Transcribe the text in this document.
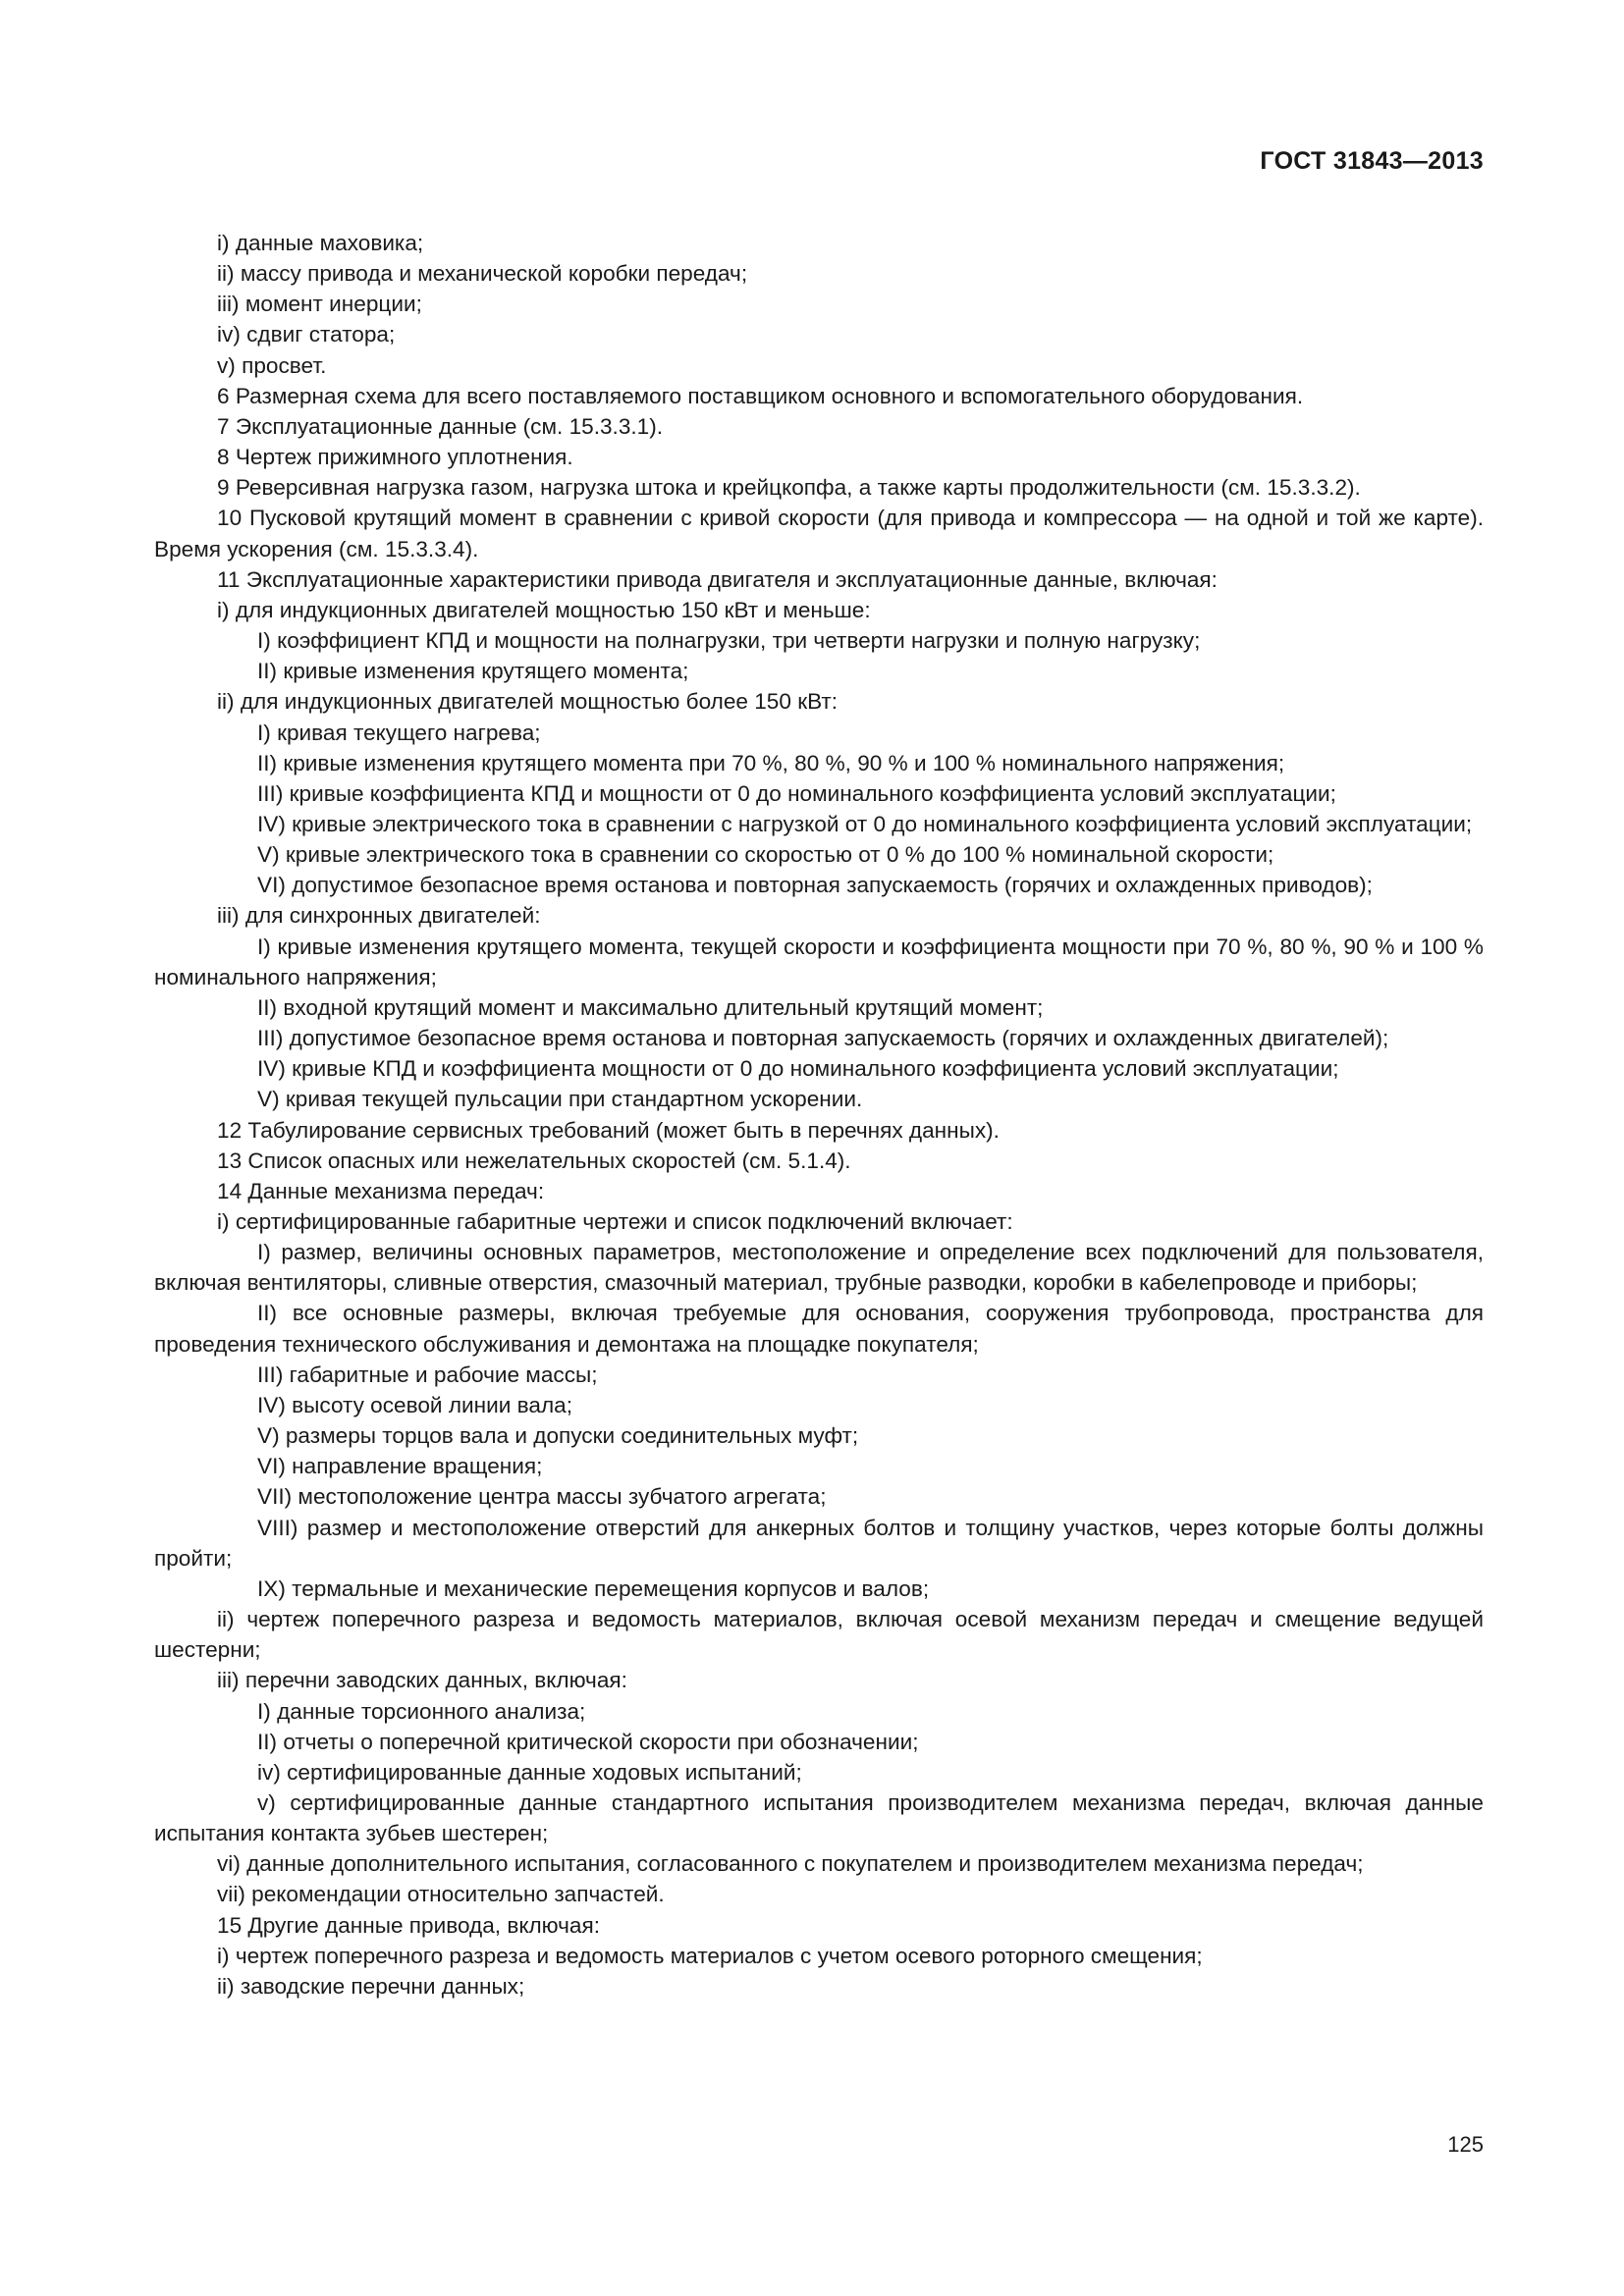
ГОСТ 31843—2013

i) данные маховика;

ii) массу привода и механической коробки передач;

iii) момент инерции;

iv) сдвиг статора;

v) просвет.

6 Размерная схема для всего поставляемого поставщиком основного и вспомогательного оборудования.

7 Эксплуатационные данные (см. 15.3.3.1).

8 Чертеж прижимного уплотнения.

9 Реверсивная нагрузка газом, нагрузка штока и крейцкопфа, а также карты продолжительности (см. 15.3.3.2).

10 Пусковой крутящий момент в сравнении с кривой скорости (для привода и компрессора — на одной и той же карте). Время ускорения (см. 15.3.3.4).

11 Эксплуатационные характеристики привода двигателя и эксплуатационные данные, включая:

i) для индукционных двигателей мощностью 150 кВт и меньше:

I) коэффициент КПД и мощности на полнагрузки, три четверти нагрузки и полную нагрузку;

II) кривые изменения крутящего момента;

ii) для индукционных двигателей мощностью более 150 кВт:

I) кривая текущего нагрева;

II) кривые изменения крутящего момента при 70 %, 80 %, 90 % и 100 % номинального напряжения;

III) кривые коэффициента КПД и мощности от 0 до номинального коэффициента условий эксплуатации;

IV) кривые электрического тока в сравнении с нагрузкой от 0 до номинального коэффициента условий эксплуатации;

V) кривые электрического тока в сравнении со скоростью от 0 % до 100 % номинальной скорости;

VI) допустимое безопасное время останова и повторная запускаемость (горячих и охлажденных приводов);

iii) для синхронных двигателей:

I) кривые изменения крутящего момента, текущей скорости и коэффициента мощности при 70 %, 80 %, 90 % и 100 % номинального напряжения;

II) входной крутящий момент и максимально длительный крутящий момент;

III) допустимое безопасное время останова и повторная запускаемость (горячих и охлажденных двигателей);

IV) кривые КПД и коэффициента мощности от 0 до номинального коэффициента условий эксплуатации;

V) кривая текущей пульсации при стандартном ускорении.

12 Табулирование сервисных требований (может быть в перечнях данных).

13 Список опасных или нежелательных скоростей (см. 5.1.4).

14 Данные механизма передач:

i) сертифицированные габаритные чертежи и список подключений включает:

I) размер, величины основных параметров, местоположение и определение всех подключений для пользователя, включая вентиляторы, сливные отверстия, смазочный материал, трубные разводки, коробки в кабелепроводе и приборы;

II) все основные размеры, включая требуемые для основания, сооружения трубопровода, пространства для проведения технического обслуживания и демонтажа на площадке покупателя;

III) габаритные и рабочие массы;

IV) высоту осевой линии вала;

V) размеры торцов вала и допуски соединительных муфт;

VI) направление вращения;

VII) местоположение центра массы зубчатого агрегата;

VIII) размер и местоположение отверстий для анкерных болтов и толщину участков, через которые болты должны пройти;

IX) термальные и механические перемещения корпусов и валов;

ii) чертеж поперечного разреза и ведомость материалов, включая осевой механизм передач и смещение ведущей шестерни;

iii) перечни заводских данных, включая:

I) данные торсионного анализа;

II) отчеты о поперечной критической скорости при обозначении;

iv) сертифицированные данные ходовых испытаний;

v) сертифицированные данные стандартного испытания производителем механизма передач, включая данные испытания контакта зубьев шестерен;

vi) данные дополнительного испытания, согласованного с покупателем и производителем механизма передач;

vii) рекомендации относительно запчастей.

15 Другие данные привода, включая:

i) чертеж поперечного разреза и ведомость материалов с учетом осевого роторного смещения;

ii) заводские перечни данных;

125
